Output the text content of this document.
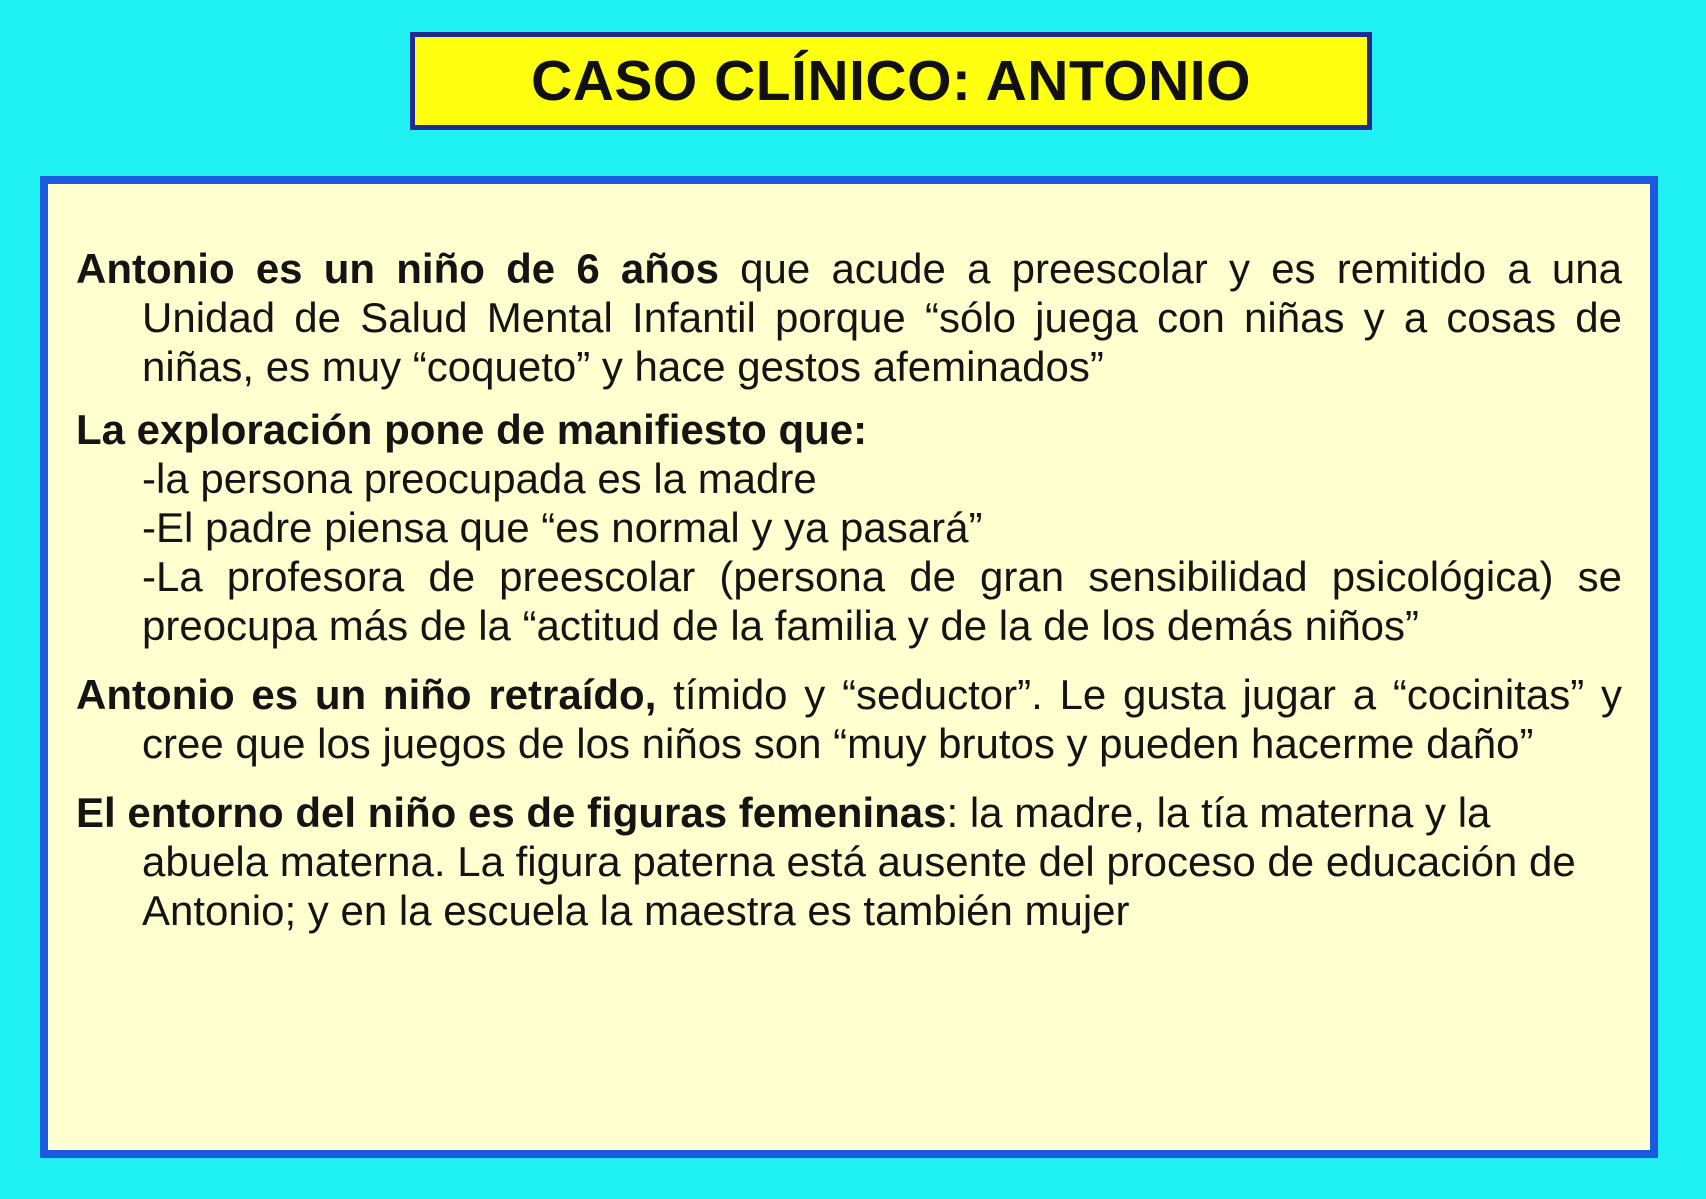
CASO CLÍNICO: ANTONIO

Antonio es un niño de 6 años que acude a preescolar y es remitido a una Unidad de Salud Mental Infantil porque “sólo juega con niñas y a cosas de niñas, es muy “coqueto” y hace gestos afeminados”

La exploración pone de manifiesto que:

-la persona preocupada es la madre

-El padre piensa que “es normal y ya pasará”

-La profesora de preescolar (persona de gran sensibilidad psicológica) se preocupa más de la “actitud de la familia y de la de los demás niños”

Antonio es un niño retraído, tímido y “seductor”. Le gusta jugar a “cocinitas” y cree que los juegos de los niños son “muy brutos y pueden hacerme daño”

El entorno del niño es de figuras femeninas: la madre, la tía materna y la abuela materna. La figura paterna está ausente del proceso de educación de Antonio; y en la escuela la maestra es también mujer
